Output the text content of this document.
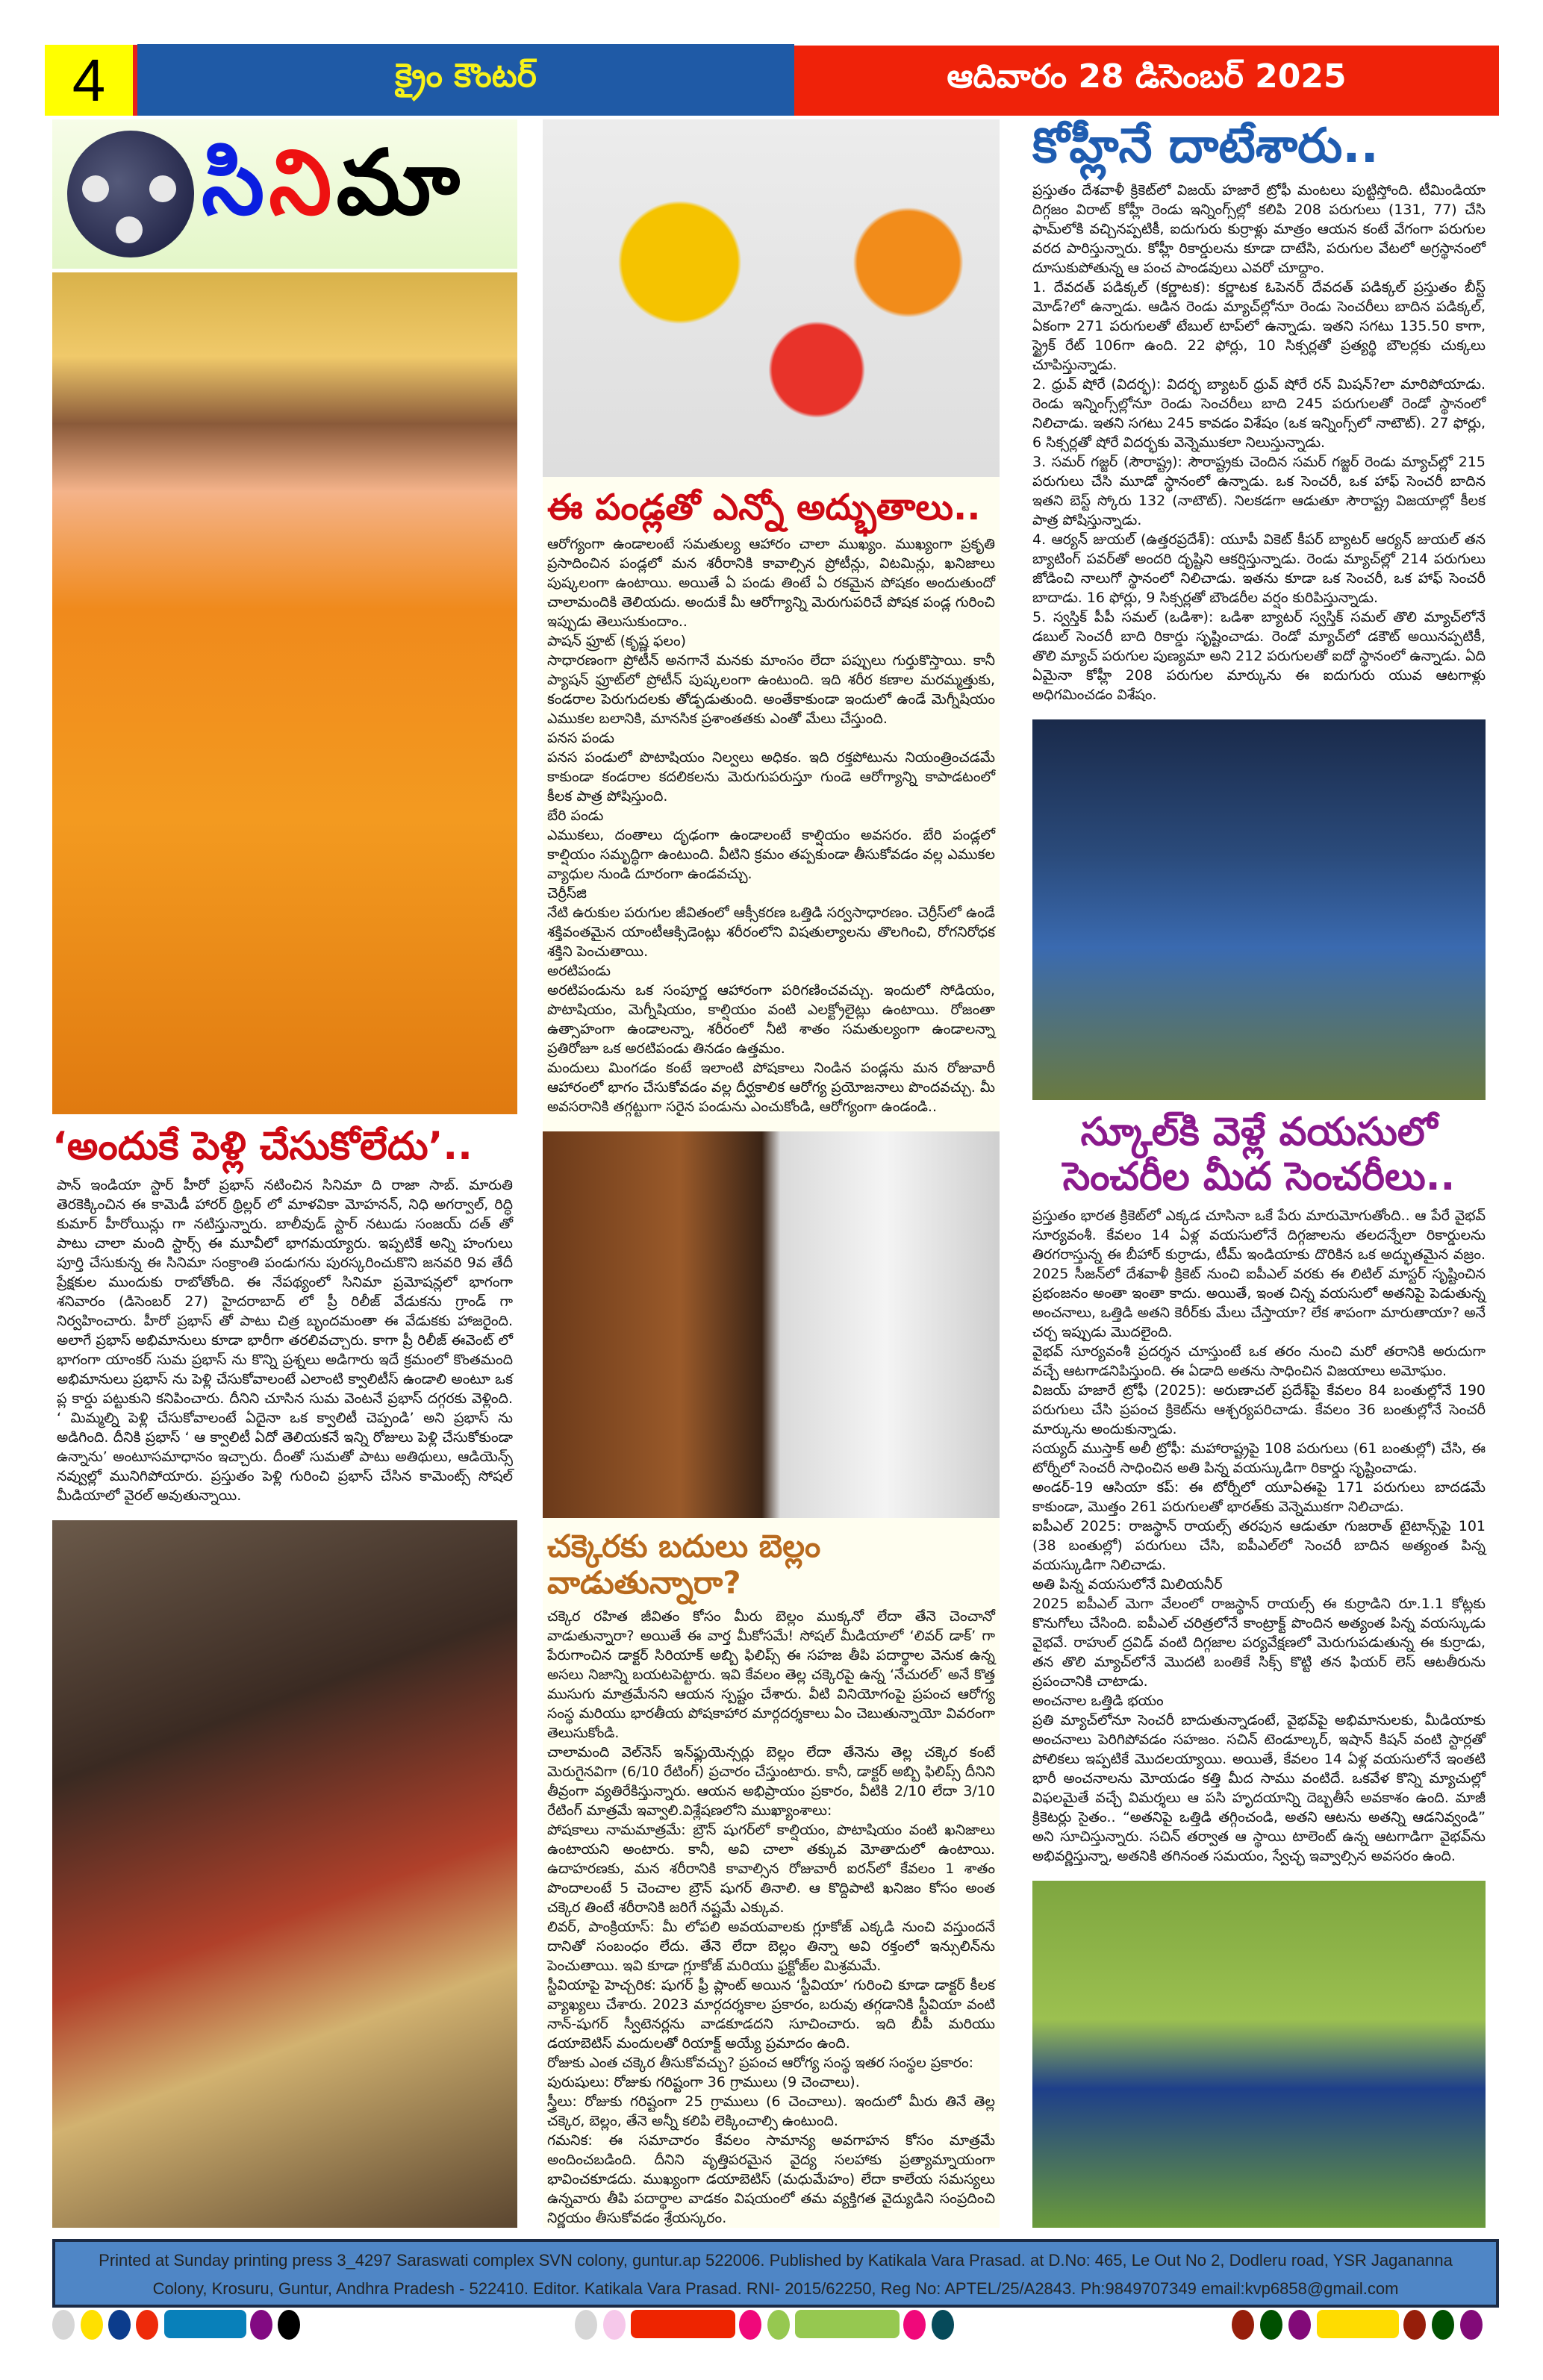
4	క్రైం కౌంటర్	ఆదివారం 28 డిసెంబర్ 2025
సి ని మా
‘అందుకే పెళ్లి చేసుకోలేదు’..

పాన్ ఇండియా స్టార్ హీరో ప్రభాస్ నటించిన సినిమా ది రాజా సాబ్. మారుతి తెరకెక్కించిన ఈ కామెడీ హారర్ థ్రిల్లర్ లో మాళవికా మోహనన్, నిధి అగర్వాల్, రిద్ధి కుమార్ హీరోయిన్లు గా నటిస్తున్నారు. బాలీవుడ్ స్టార్ నటుడు సంజయ్ దత్ తో పాటు చాలా మంది స్టార్స్ ఈ మూవీలో భాగమయ్యారు. ఇప్పటికే అన్ని హంగులు పూర్తి చేసుకున్న ఈ సినిమా సంక్రాంతి పండుగను పురస్కరించుకొని జనవరి 9వ తేదీ ప్రేక్షకుల ముందుకు రాబోతోంది. ఈ నేపథ్యంలో సినిమా ప్రమోషన్లలో భాగంగా శనివారం (డిసెంబర్ 27) హైదరాబాద్ లో ప్రీ రిలీజ్ వేడుకను గ్రాండ్ గా నిర్వహించారు. హీరో ప్రభాస్ తో పాటు చిత్ర బృందమంతా ఈ వేడుకకు హాజరైంది. అలాగే ప్రభాస్ అభిమానులు కూడా భారీగా తరలివచ్చారు. కాగా ప్రీ రిలీజ్ ఈవెంట్ లో భాగంగా యాంకర్ సుమ ప్రభాస్ ను కొన్ని ప్రశ్నలు అడిగారు ఇదే క్రమంలో కొంతమంది అభిమానులు ప్రభాస్ ను పెళ్లి చేసుకోవాలంటే ఎలాంటి క్వాలిటీస్ ఉండాలి అంటూ ఒక ప్ల కార్డు పట్టుకుని కనిపించారు. దీనిని చూసిన సుమ వెంటనే ప్రభాస్ దగ్గరకు వెళ్లింది. ‘ మిమ్మల్ని పెళ్లి చేసుకోవాలంటే ఏదైనా ఒక క్వాలిటీ చెప్పండి’ అని ప్రభాస్ ను అడిగింది. దీనికి ప్రభాస్ ‘ ఆ క్వాలిటీ ఏదో తెలియకనే ఇన్ని రోజులు పెళ్లి చేసుకోకుండా ఉన్నాను’ అంటూసమాధానం ఇచ్చారు. దీంతో సుమతో పాటు అతిథులు, ఆడియెన్స్ నవ్వుల్లో మునిగిపోయారు. ప్రస్తుతం పెళ్లి గురించి ప్రభాస్ చేసిన కామెంట్స్ సోషల్ మీడియాలో వైరల్ అవుతున్నాయి.

ఈ పండ్లతో ఎన్నో అద్భుతాలు..

ఆరోగ్యంగా ఉండాలంటే సమతుల్య ఆహారం చాలా ముఖ్యం. ముఖ్యంగా ప్రకృతి ప్రసాదించిన పండ్లలో మన శరీరానికి కావాల్సిన ప్రోటీన్లు, విటమిన్లు, ఖనిజాలు పుష్కలంగా ఉంటాయి. అయితే ఏ పండు తింటే ఏ రకమైన పోషకం అందుతుందో చాలామందికి తెలియదు. అందుకే మీ ఆరోగ్యాన్ని మెరుగుపరిచే పోషక పండ్ల గురించి ఇప్పుడు తెలుసుకుందాం..

పాషన్ ఫ్రూట్ (కృష్ణ ఫలం)

సాధారణంగా ప్రోటీన్ అనగానే మనకు మాంసం లేదా పప్పులు గుర్తుకొస్తాయి. కానీ ప్యాషన్ ఫ్రూట్‌లో ప్రోటీన్ పుష్కలంగా ఉంటుంది. ఇది శరీర కణాల మరమ్మత్తుకు, కండరాల పెరుగుదలకు తోడ్పడుతుంది. అంతేకాకుండా ఇందులో ఉండే మెగ్నీషియం ఎముకల బలానికి, మానసిక ప్రశాంతతకు ఎంతో మేలు చేస్తుంది.

పనస పండు

పనస పండులో పొటాషియం నిల్వలు అధికం. ఇది రక్తపోటును నియంత్రించడమే కాకుండా కండరాల కదలికలను మెరుగుపరుస్తూ గుండె ఆరోగ్యాన్ని కాపాడటంలో కీలక పాత్ర పోషిస్తుంది.

బేరి పండు

ఎముకలు, దంతాలు దృఢంగా ఉండాలంటే కాల్షియం అవసరం. బేరి పండ్లలో కాల్షియం సమృద్ధిగా ఉంటుంది. వీటిని క్రమం తప్పకుండా తీసుకోవడం వల్ల ఎముకల వ్యాధుల నుండి దూరంగా ఉండవచ్చు.

చెర్రీస్‌జి

నేటి ఉరుకుల పరుగుల జీవితంలో ఆక్సీకరణ ఒత్తిడి సర్వసాధారణం. చెర్రీస్‌లో ఉండే శక్తివంతమైన యాంటీఆక్సిడెంట్లు శరీరంలోని విషతుల్యాలను తొలగించి, రోగనిరోధక శక్తిని పెంచుతాయి.

అరటిపండు

అరటిపండును ఒక సంపూర్ణ ఆహారంగా పరిగణించవచ్చు. ఇందులో సోడియం, పొటాషియం, మెగ్నీషియం, కాల్షియం వంటి ఎలక్ట్రోలైట్లు ఉంటాయి. రోజంతా ఉత్సాహంగా ఉండాలన్నా, శరీరంలో నీటి శాతం సమతుల్యంగా ఉండాలన్నా ప్రతిరోజూ ఒక అరటిపండు తినడం ఉత్తమం.

మందులు మింగడం కంటే ఇలాంటి పోషకాలు నిండిన పండ్లను మన రోజువారీ ఆహారంలో భాగం చేసుకోవడం వల్ల దీర్ఘకాలిక ఆరోగ్య ప్రయోజనాలు పొందవచ్చు. మీ అవసరానికి తగ్గట్టుగా సరైన పండును ఎంచుకోండి, ఆరోగ్యంగా ఉండండి..

చక్కెరకు బదులు బెల్లం వాడుతున్నారా?

చక్కెర రహిత జీవితం కోసం మీరు బెల్లం ముక్కనో లేదా తేనె చెంచానో వాడుతున్నారా? అయితే ఈ వార్త మీకోసమే! సోషల్ మీడియాలో ‘లివర్ డాక్’ గా పేరుగాంచిన డాక్టర్ సిరియాక్ అబ్బి ఫిలిప్స్ ఈ సహజ తీపి పదార్థాల వెనుక ఉన్న అసలు నిజాన్ని బయటపెట్టారు. ఇవి కేవలం తెల్ల చక్కెరపై ఉన్న ‘నేచురల్’ అనే కొత్త ముసుగు మాత్రమేనని ఆయన స్పష్టం చేశారు. వీటి వినియోగంపై ప్రపంచ ఆరోగ్య సంస్థ మరియు భారతీయ పోషకాహార మార్గదర్శకాలు ఏం చెబుతున్నాయో వివరంగా తెలుసుకోండి.

చాలామంది వెల్‌నెస్ ఇన్‌ఫ్లుయెన్సర్లు బెల్లం లేదా తేనెను తెల్ల చక్కెర కంటే మెరుగైనవిగా (6/10 రేటింగ్) ప్రచారం చేస్తుంటారు. కానీ, డాక్టర్ అబ్బి ఫిలిప్స్ దీనిని తీవ్రంగా వ్యతిరేకిస్తున్నారు. ఆయన అభిప్రాయం ప్రకారం, వీటికి 2/10 లేదా 3/10 రేటింగ్ మాత్రమే ఇవ్వాలి.విశ్లేషణలోని ముఖ్యాంశాలు:

పోషకాలు నామమాత్రమే: బ్రౌన్ షుగర్‌లో కాల్షియం, పొటాషియం వంటి ఖనిజాలు ఉంటాయని అంటారు. కానీ, అవి చాలా తక్కువ మోతాదులో ఉంటాయి. ఉదాహరణకు, మన శరీరానికి కావాల్సిన రోజువారీ ఐరన్‌లో కేవలం 1 శాతం పొందాలంటే 5 చెంచాల బ్రౌన్ షుగర్ తినాలి. ఆ కొద్దిపాటి ఖనిజం కోసం అంత చక్కెర తింటే శరీరానికి జరిగే నష్టమే ఎక్కువ.

లివర్, పాంక్రియాస్: మీ లోపలి అవయవాలకు గ్లూకోజ్ ఎక్కడి నుంచి వస్తుందనే దానితో సంబంధం లేదు. తేనె లేదా బెల్లం తిన్నా అవి రక్తంలో ఇన్సులిన్‌ను పెంచుతాయి. ఇవి కూడా గ్లూకోజ్ మరియు ఫ్రక్టోజ్‌ల మిశ్రమమే.

స్టీవియాపై హెచ్చరిక: షుగర్ ఫ్రీ ప్లాంట్ అయిన ‘స్టీవియా’ గురించి కూడా డాక్టర్ కీలక వ్యాఖ్యలు చేశారు. 2023 మార్గదర్శకాల ప్రకారం, బరువు తగ్గడానికి స్టీవియా వంటి నాన్-షుగర్ స్వీటెనర్లను వాడకూడదని సూచించారు. ఇది బీపీ మరియు డయాబెటిస్ మందులతో రియాక్ట్ అయ్యే ప్రమాదం ఉంది.

రోజుకు ఎంత చక్కెర తీసుకోవచ్చు? ప్రపంచ ఆరోగ్య సంస్థ ఇతర సంస్థల ప్రకారం:

పురుషులు: రోజుకు గరిష్టంగా 36 గ్రాములు (9 చెంచాలు).

స్త్రీలు: రోజుకు గరిష్టంగా 25 గ్రాములు (6 చెంచాలు). ఇందులో మీరు తినే తెల్ల చక్కెర, బెల్లం, తేనె అన్నీ కలిపి లెక్కించాల్సి ఉంటుంది.

గమనిక: ఈ సమాచారం కేవలం సామాన్య అవగాహన కోసం మాత్రమే అందించబడింది. దీనిని వృత్తిపరమైన వైద్య సలహాకు ప్రత్యామ్నాయంగా భావించకూడదు. ముఖ్యంగా డయాబెటిస్ (మధుమేహం) లేదా కాలేయ సమస్యలు ఉన్నవారు తీపి పదార్థాల వాడకం విషయంలో తమ వ్యక్తిగత వైద్యుడిని సంప్రదించి నిర్ణయం తీసుకోవడం శ్రేయస్కరం.

కోహ్లీనే దాటేశారు..

ప్రస్తుతం దేశవాళీ క్రికెట్‌లో విజయ్ హజారే ట్రోఫీ మంటలు పుట్టిస్తోంది. టీమిండియా దిగ్గజం విరాట్ కోహ్లీ రెండు ఇన్నింగ్స్‌ల్లో కలిపి 208 పరుగులు (131, 77) చేసి ఫామ్‌లోకి వచ్చినప్పటికీ, ఐదుగురు కుర్రాళ్లు మాత్రం ఆయన కంటే వేగంగా పరుగుల వరద పారిస్తున్నారు. కోహ్లీ రికార్డులను కూడా దాటేసి, పరుగుల వేటలో అగ్రస్థానంలో దూసుకుపోతున్న ఆ పంచ పాండవులు ఎవరో చూద్దాం.

1. దేవదత్ పడిక్కల్ (కర్ణాటక): కర్ణాటక ఓపెనర్ దేవదత్ పడిక్కల్ ప్రస్తుతం బీస్ట్ మోడ్?లో ఉన్నాడు. ఆడిన రెండు మ్యాచ్‌ల్లోనూ రెండు సెంచరీలు బాదిన పడిక్కల్, ఏకంగా 271 పరుగులతో టేబుల్ టాప్‌లో ఉన్నాడు. ఇతని సగటు 135.50 కాగా, స్ట్రైక్ రేట్ 106గా ఉంది. 22 ఫోర్లు, 10 సిక్సర్లతో ప్రత్యర్థి బౌలర్లకు చుక్కలు చూపిస్తున్నాడు.

2. ధ్రువ్ షోరే (విదర్భ): విదర్భ బ్యాటర్ ధ్రువ్ షోరే రన్ మిషన్?లా మారిపోయాడు. రెండు ఇన్నింగ్స్‌ల్లోనూ రెండు సెంచరీలు బాది 245 పరుగులతో రెండో స్థానంలో నిలిచాడు. ఇతని సగటు 245 కావడం విశేషం (ఒక ఇన్నింగ్స్‌లో నాటౌట్). 27 ఫోర్లు, 6 సిక్సర్లతో షోరే విదర్భకు వెన్నెముకలా నిలుస్తున్నాడు.

3. సమర్ గజ్జర్ (సౌరాష్ట్ర): సౌరాష్ట్రకు చెందిన సమర్ గజ్జర్ రెండు మ్యాచ్‌ల్లో 215 పరుగులు చేసి మూడో స్థానంలో ఉన్నాడు. ఒక సెంచరీ, ఒక హాఫ్ సెంచరీ బాదిన ఇతని బెస్ట్ స్కోరు 132 (నాటౌట్). నిలకడగా ఆడుతూ సౌరాష్ట్ర విజయాల్లో కీలక పాత్ర పోషిస్తున్నాడు.

4. ఆర్యన్ జుయల్ (ఉత్తరప్రదేశ్): యూపీ వికెట్ కీపర్ బ్యాటర్ ఆర్యన్ జుయల్ తన బ్యాటింగ్ పవర్‌తో అందరి దృష్టిని ఆకర్షిస్తున్నాడు. రెండు మ్యాచ్‌ల్లో 214 పరుగులు జోడించి నాలుగో స్థానంలో నిలిచాడు. ఇతను కూడా ఒక సెంచరీ, ఒక హాఫ్ సెంచరీ బాదాడు. 16 ఫోర్లు, 9 సిక్సర్లతో బౌండరీల వర్షం కురిపిస్తున్నాడు.

5. స్వస్తిక్ పీపీ సమల్ (ఒడిశా): ఒడిశా బ్యాటర్ స్వస్తిక్ సమల్ తొలి మ్యాచ్‌లోనే డబుల్ సెంచరీ బాది రికార్డు సృష్టించాడు. రెండో మ్యాచ్‌లో డకౌట్ అయినప్పటికీ, తొలి మ్యాచ్ పరుగుల పుణ్యమా అని 212 పరుగులతో ఐదో స్థానంలో ఉన్నాడు. ఏది ఏమైనా కోహ్లీ 208 పరుగుల మార్కును ఈ ఐదుగురు యువ ఆటగాళ్లు అధిగమించడం విశేషం.

స్కూల్‌కి వెళ్లే వయసులో
సెంచరీల మీద సెంచరీలు..

ప్రస్తుతం భారత క్రికెట్‌లో ఎక్కడ చూసినా ఒకే పేరు మారుమోగుతోంది.. ఆ పేరే వైభవ్ సూర్యవంశీ. కేవలం 14 ఏళ్ల వయసులోనే దిగ్గజాలను తలదన్నేలా రికార్డులను తిరగరాస్తున్న ఈ బీహార్ కుర్రాడు, టీమ్ ఇండియాకు దొరికిన ఒక అద్భుతమైన వజ్రం. 2025 సీజన్‌లో దేశవాళీ క్రికెట్ నుంచి ఐపీఎల్ వరకు ఈ లిటిల్ మాస్టర్ సృష్టించిన ప్రభంజనం అంతా ఇంతా కాదు. అయితే, ఇంత చిన్న వయసులో అతనిపై పెడుతున్న అంచనాలు, ఒత్తిడి అతని కెరీర్‌కు మేలు చేస్తాయా? లేక శాపంగా మారుతాయా? అనే చర్చ ఇప్పుడు మొదలైంది.

వైభవ్ సూర్యవంశీ ప్రదర్శన చూస్తుంటే ఒక తరం నుంచి మరో తరానికి అరుదుగా వచ్చే ఆటగాడనిపిస్తుంది. ఈ ఏడాది అతను సాధించిన విజయాలు అమోఘం.

విజయ్ హజారే ట్రోఫీ (2025): అరుణాచల్ ప్రదేశ్‌పై కేవలం 84 బంతుల్లోనే 190 పరుగులు చేసి ప్రపంచ క్రికెట్‌ను ఆశ్చర్యపరిచాడు. కేవలం 36 బంతుల్లోనే సెంచరీ మార్కును అందుకున్నాడు.

సయ్యద్ ముస్తాక్ అలీ ట్రోఫీ: మహారాష్ట్రపై 108 పరుగులు (61 బంతుల్లో) చేసి, ఈ టోర్నీలో సెంచరీ సాధించిన అతి పిన్న వయస్కుడిగా రికార్డు సృష్టించాడు.

అండర్-19 ఆసియా కప్: ఈ టోర్నీలో యూఏఈపై 171 పరుగులు బాదడమే కాకుండా, మొత్తం 261 పరుగులతో భారత్‌కు వెన్నెముకగా నిలిచాడు.

ఐపీఎల్ 2025: రాజస్థాన్ రాయల్స్ తరపున ఆడుతూ గుజరాత్ టైటాన్స్‌పై 101 (38 బంతుల్లో) పరుగులు చేసి, ఐపీఎల్‌లో సెంచరీ బాదిన అత్యంత పిన్న వయస్కుడిగా నిలిచాడు.

అతి పిన్న వయసులోనే మిలియనీర్

2025 ఐపీఎల్ మెగా వేలంలో రాజస్థాన్ రాయల్స్ ఈ కుర్రాడిని రూ.1.1 కోట్లకు కొనుగోలు చేసింది. ఐపీఎల్ చరిత్రలోనే కాంట్రాక్ట్ పొందిన అత్యంత పిన్న వయస్కుడు వైభవే. రాహుల్ ద్రవిడ్ వంటి దిగ్గజాల పర్యవేక్షణలో మెరుగుపడుతున్న ఈ కుర్రాడు, తన తొలి మ్యాచ్‌లోనే మొదటి బంతికే సిక్స్ కొట్టి తన ఫియర్ లెస్ ఆటతీరును ప్రపంచానికి చాటాడు.

అంచనాల ఒత్తిడి భయం

ప్రతి మ్యాచ్‌లోనూ సెంచరీ బాదుతున్నాడంటే, వైభవ్‌పై అభిమానులకు, మీడియాకు అంచనాలు పెరిగిపోవడం సహజం. సచిన్ టెండూల్కర్, ఇషాన్ కిషన్ వంటి స్టార్లతో పోలికలు ఇప్పటికే మొదలయ్యాయి. అయితే, కేవలం 14 ఏళ్ల వయసులోనే ఇంతటి భారీ అంచనాలను మోయడం కత్తి మీద సాము వంటిదే. ఒకవేళ కొన్ని మ్యాచుల్లో విఫలమైతే వచ్చే విమర్శలు ఆ పసి హృదయాన్ని దెబ్బతీసే అవకాశం ఉంది. మాజీ క్రికెటర్లు సైతం.. “అతనిపై ఒత్తిడి తగ్గించండి, అతని ఆటను అతన్ని ఆడనివ్వండి” అని సూచిస్తున్నారు. సచిన్ తర్వాత ఆ స్థాయి టాలెంట్ ఉన్న ఆటగాడిగా వైభవ్‌ను అభివర్ణిస్తున్నా, అతనికి తగినంత సమయం, స్వేచ్ఛ ఇవ్వాల్సిన అవసరం ఉంది.

Printed at Sunday printing press 3_4297 Saraswati complex SVN colony, guntur.ap 522006. Published by Katikala Vara Prasad. at D.No: 465, Le Out No 2, Dodleru road, YSR Jagananna
Colony, Krosuru, Guntur, Andhra Pradesh - 522410. Editor. Katikala Vara Prasad. RNI- 2015/62250, Reg No: APTEL/25/A2843. Ph:9849707349 email:kvp6858@gmail.com
